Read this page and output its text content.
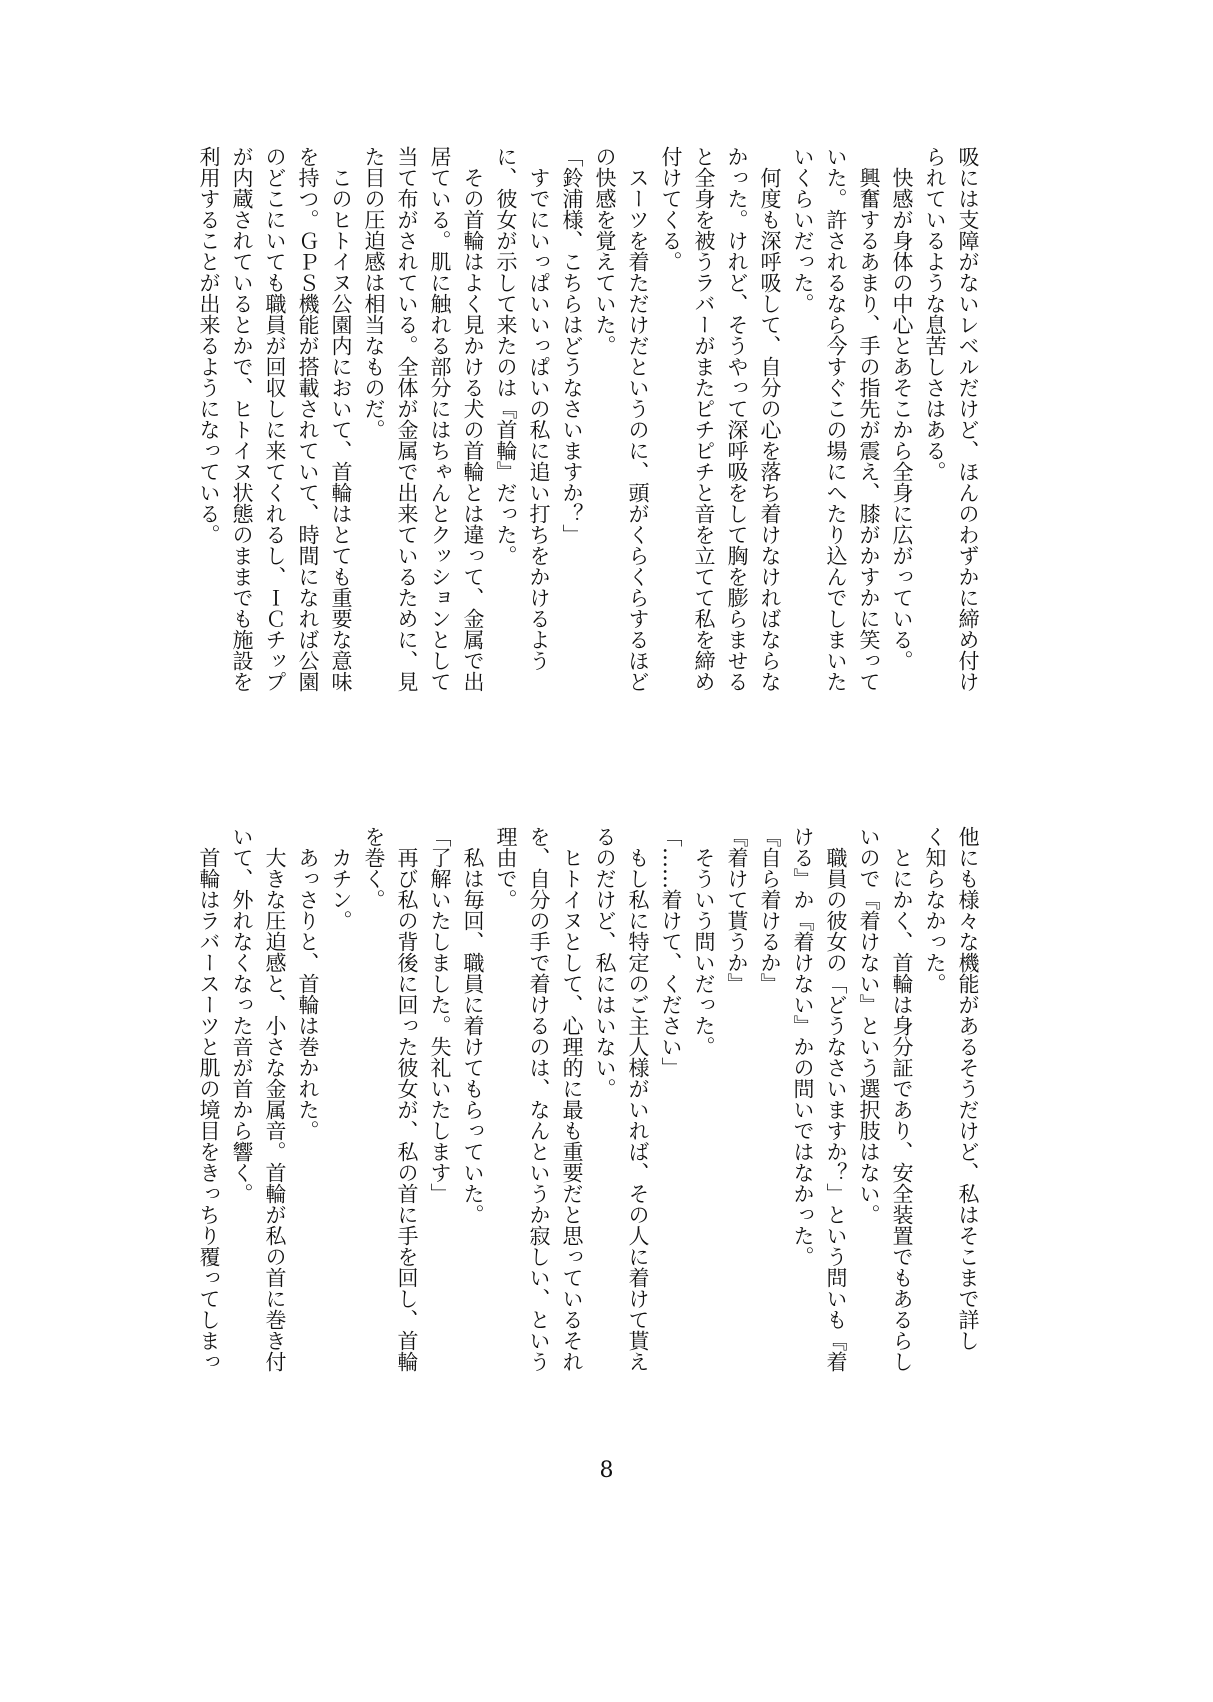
吸には支障がないレベルだけど、ほんのわずかに締め付け
られているような息苦しさはある。
　快感が身体の中心とあそこから全身に広がっている。
　興奮するあまり、手の指先が震え、膝がかすかに笑って
いた。許されるなら今すぐこの場にへたり込んでしまいた
いくらいだった。
　何度も深呼吸して、自分の心を落ち着けなければならな
かった。けれど、そうやって深呼吸をして胸を膨らませる
と全身を被うラバーがまたピチピチと音を立てて私を締め
付けてくる。
　スーツを着ただけだというのに、頭がくらくらするほど
の快感を覚えていた。
「鈴浦様、こちらはどうなさいますか？」
　すでにいっぱいいっぱいの私に追い打ちをかけるよう
に、彼女が示して来たのは『首輪』だった。
　その首輪はよく見かける犬の首輪とは違って、金属で出
居ている。肌に触れる部分にはちゃんとクッションとして
当て布がされている。全体が金属で出来ているために、見
た目の圧迫感は相当なものだ。
　このヒトイヌ公園内において、首輪はとても重要な意味
を持つ。ＧＰＳ機能が搭載されていて、時間になれば公園
のどこにいても職員が回収しに来てくれるし、ＩＣチップ
が内蔵されているとかで、ヒトイヌ状態のままでも施設を
利用することが出来るようになっている。
他にも様々な機能があるそうだけど、私はそこまで詳し
く知らなかった。
　とにかく、首輪は身分証であり、安全装置でもあるらし
いので『着けない』という選択肢はない。
　職員の彼女の「どうなさいますか？」という問いも『着
ける』か『着けない』かの問いではなかった。
『自ら着けるか』
『着けて貰うか』
　そういう問いだった。
「……着けて、ください」
　もし私に特定のご主人様がいれば、その人に着けて貰え
るのだけど、私にはいない。
　ヒトイヌとして、心理的に最も重要だと思っているそれ
を、自分の手で着けるのは、なんというか寂しい、という
理由で。
　私は毎回、職員に着けてもらっていた。
「了解いたしました。失礼いたします」
　再び私の背後に回った彼女が、私の首に手を回し、首輪
を巻く。
　カチン。
　あっさりと、首輪は巻かれた。
　大きな圧迫感と、小さな金属音。首輪が私の首に巻き付
いて、外れなくなった音が首から響く。
　首輪はラバースーツと肌の境目をきっちり覆ってしまっ
8
